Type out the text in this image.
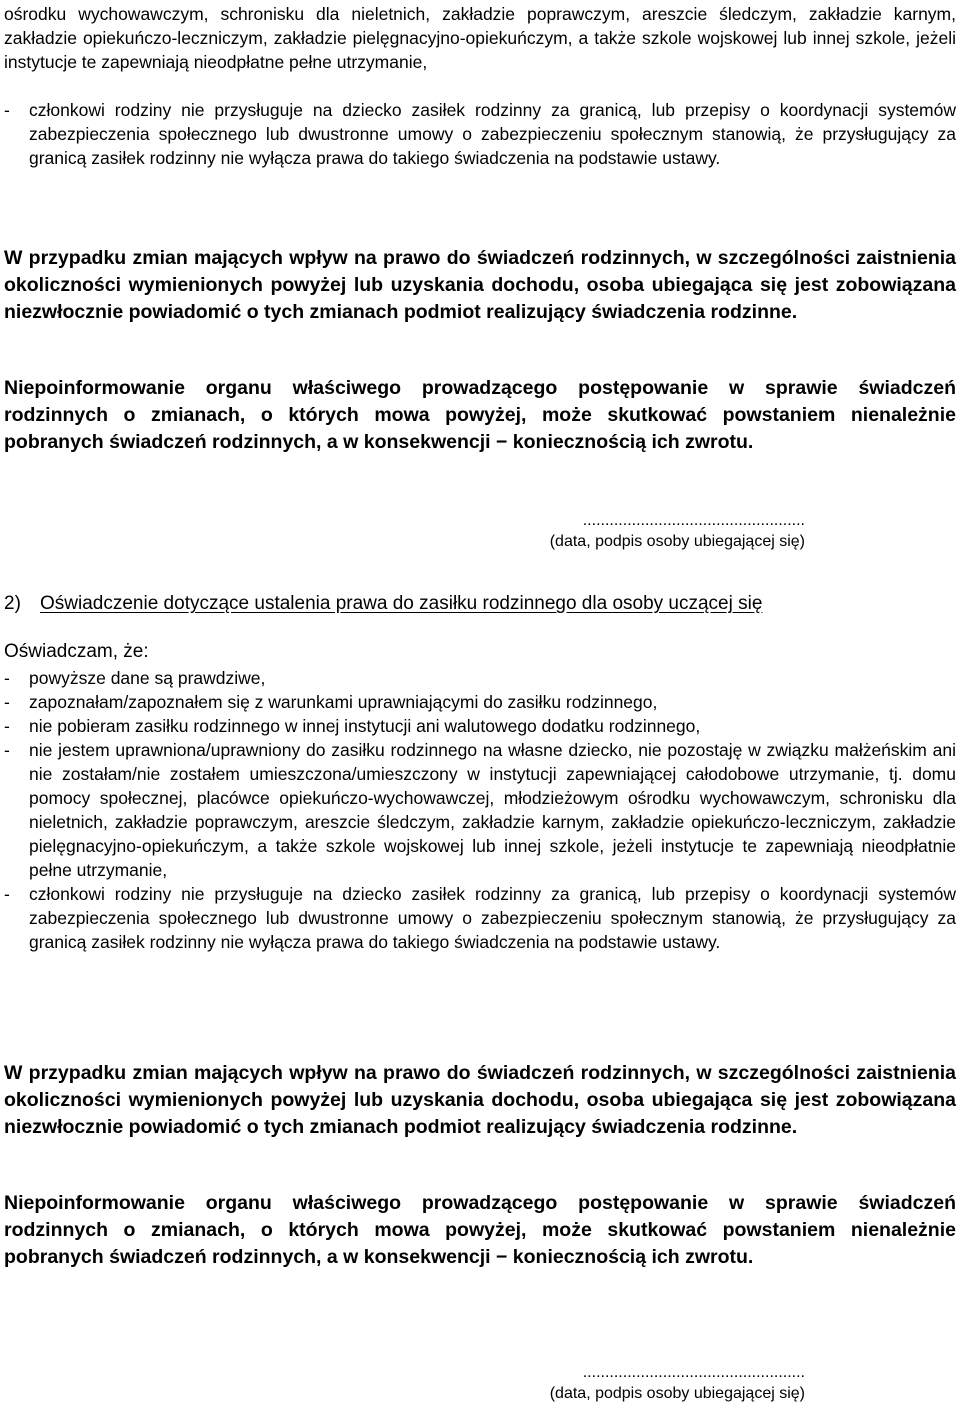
ośrodku wychowawczym, schronisku dla nieletnich, zakładzie poprawczym, areszcie śledczym, zakładzie karnym, zakładzie opiekuńczo-leczniczym, zakładzie pielęgnacyjno-opiekuńczym, a także szkole wojskowej lub innej szkole, jeżeli instytucje te zapewniają nieodpłatne pełne utrzymanie,
- członkowi rodziny nie przysługuje na dziecko zasiłek rodzinny za granicą, lub przepisy o koordynacji systemów zabezpieczenia społecznego lub dwustronne umowy o zabezpieczeniu społecznym stanowią, że przysługujący za granicą zasiłek rodzinny nie wyłącza prawa do takiego świadczenia na podstawie ustawy.
W przypadku zmian mających wpływ na prawo do świadczeń rodzinnych, w szczególności zaistnienia okoliczności wymienionych powyżej lub uzyskania dochodu, osoba ubiegająca się jest zobowiązana niezwłocznie powiadomić o tych zmianach podmiot realizujący świadczenia rodzinne.
Niepoinformowanie organu właściwego prowadzącego postępowanie w sprawie świadczeń rodzinnych o zmianach, o których mowa powyżej, może skutkować powstaniem nienależnie pobranych świadczeń rodzinnych, a w konsekwencji − koniecznością ich zwrotu.
..................................................
(data, podpis osoby ubiegającej się)
2) Oświadczenie dotyczące ustalenia prawa do zasiłku rodzinnego dla osoby uczącej się
Oświadczam, że:
- powyższe dane są prawdziwe,
- zapoznałam/zapoznałem się z warunkami uprawniającymi do zasiłku rodzinnego,
- nie pobieram zasiłku rodzinnego w innej instytucji ani walutowego dodatku rodzinnego,
- nie jestem uprawniona/uprawniony do zasiłku rodzinnego na własne dziecko, nie pozostaję w związku małżeńskim ani nie zostałam/nie zostałem umieszczona/umieszczony w instytucji zapewniającej całodobowe utrzymanie, tj. domu pomocy społecznej, placówce opiekuńczo-wychowawczej, młodzieżowym ośrodku wychowawczym, schronisku dla nieletnich, zakładzie poprawczym, areszcie śledczym, zakładzie karnym, zakładzie opiekuńczo-leczniczym, zakładzie pielęgnacyjno-opiekuńczym, a także szkole wojskowej lub innej szkole, jeżeli instytucje te zapewniają nieodpłatnie pełne utrzymanie,
- członkowi rodziny nie przysługuje na dziecko zasiłek rodzinny za granicą, lub przepisy o koordynacji systemów zabezpieczenia społecznego lub dwustronne umowy o zabezpieczeniu społecznym stanowią, że przysługujący za granicą zasiłek rodzinny nie wyłącza prawa do takiego świadczenia na podstawie ustawy.
W przypadku zmian mających wpływ na prawo do świadczeń rodzinnych, w szczególności zaistnienia okoliczności wymienionych powyżej lub uzyskania dochodu, osoba ubiegająca się jest zobowiązana niezwłocznie powiadomić o tych zmianach podmiot realizujący świadczenia rodzinne.
Niepoinformowanie organu właściwego prowadzącego postępowanie w sprawie świadczeń rodzinnych o zmianach, o których mowa powyżej, może skutkować powstaniem nienależnie pobranych świadczeń rodzinnych, a w konsekwencji − koniecznością ich zwrotu.
..................................................
(data, podpis osoby ubiegającej się)
